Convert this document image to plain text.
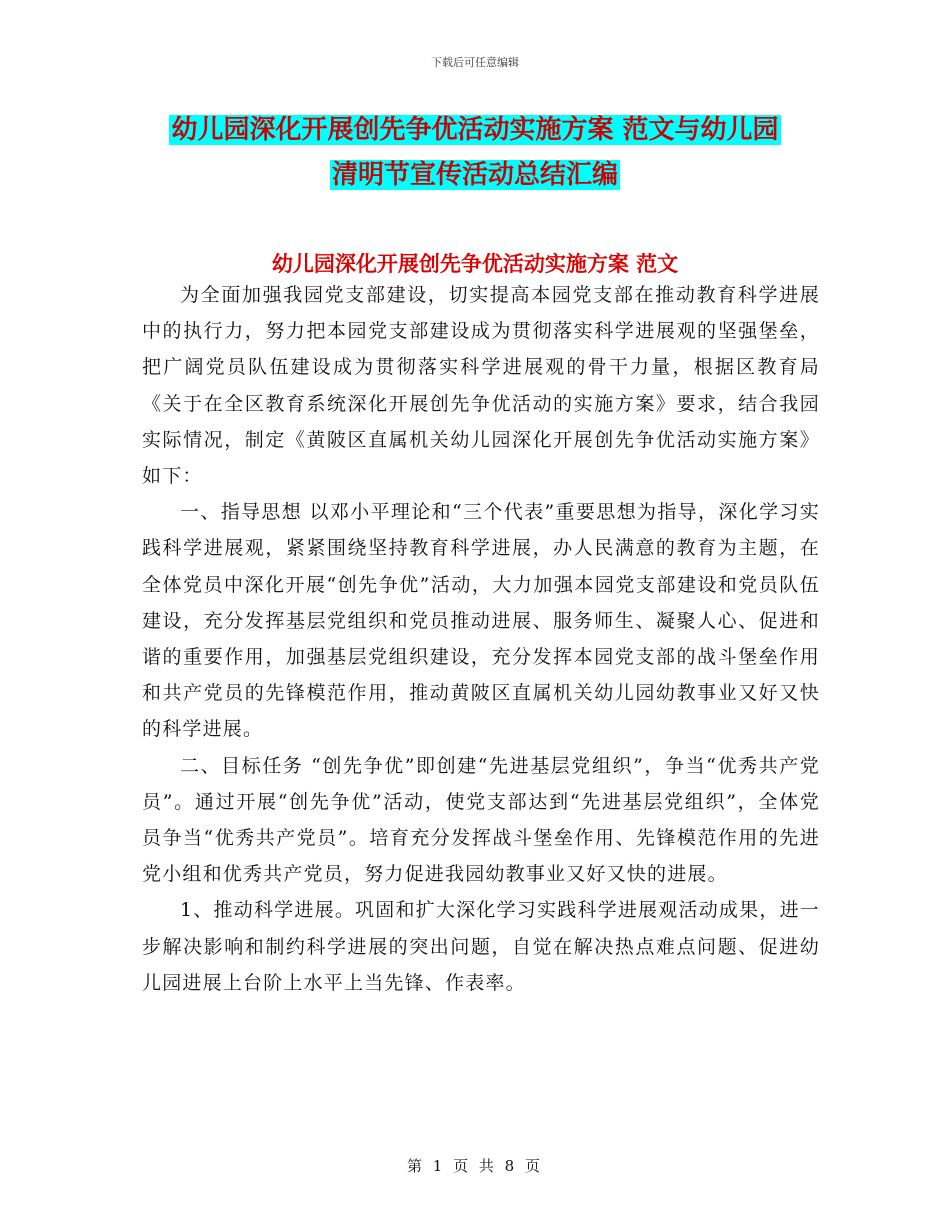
下载后可任意编辑
幼儿园深化开展创先争优活动实施方案 范文与幼儿园
清明节宣传活动总结汇编
幼儿园深化开展创先争优活动实施方案 范文

为全面加强我园党支部建设，切实提高本园党支部在推动教育科学进展中的执行力，努力把本园党支部建设成为贯彻落实科学进展观的坚强堡垒，把广阔党员队伍建设成为贯彻落实科学进展观的骨干力量，根据区教育局《关于在全区教育系统深化开展创先争优活动的实施方案》要求，结合我园实际情况，制定《黄陂区直属机关幼儿园深化开展创先争优活动实施方案》如下：

一、指导思想 以邓小平理论和“三个代表”重要思想为指导，深化学习实践科学进展观，紧紧围绕坚持教育科学进展，办人民满意的教育为主题，在全体党员中深化开展“创先争优”活动，大力加强本园党支部建设和党员队伍建设，充分发挥基层党组织和党员推动进展、服务师生、凝聚人心、促进和谐的重要作用，加强基层党组织建设，充分发挥本园党支部的战斗堡垒作用和共产党员的先锋模范作用，推动黄陂区直属机关幼儿园幼教事业又好又快的科学进展。

二、目标任务 “创先争优”即创建“先进基层党组织”，争当“优秀共产党员”。通过开展“创先争优”活动，使党支部达到“先进基层党组织”，全体党员争当“优秀共产党员”。培育充分发挥战斗堡垒作用、先锋模范作用的先进党小组和优秀共产党员，努力促进我园幼教事业又好又快的进展。

1、推动科学进展。巩固和扩大深化学习实践科学进展观活动成果，进一步解决影响和制约科学进展的突出问题，自觉在解决热点难点问题、促进幼儿园进展上台阶上水平上当先锋、作表率。

第 1 页 共 8 页
